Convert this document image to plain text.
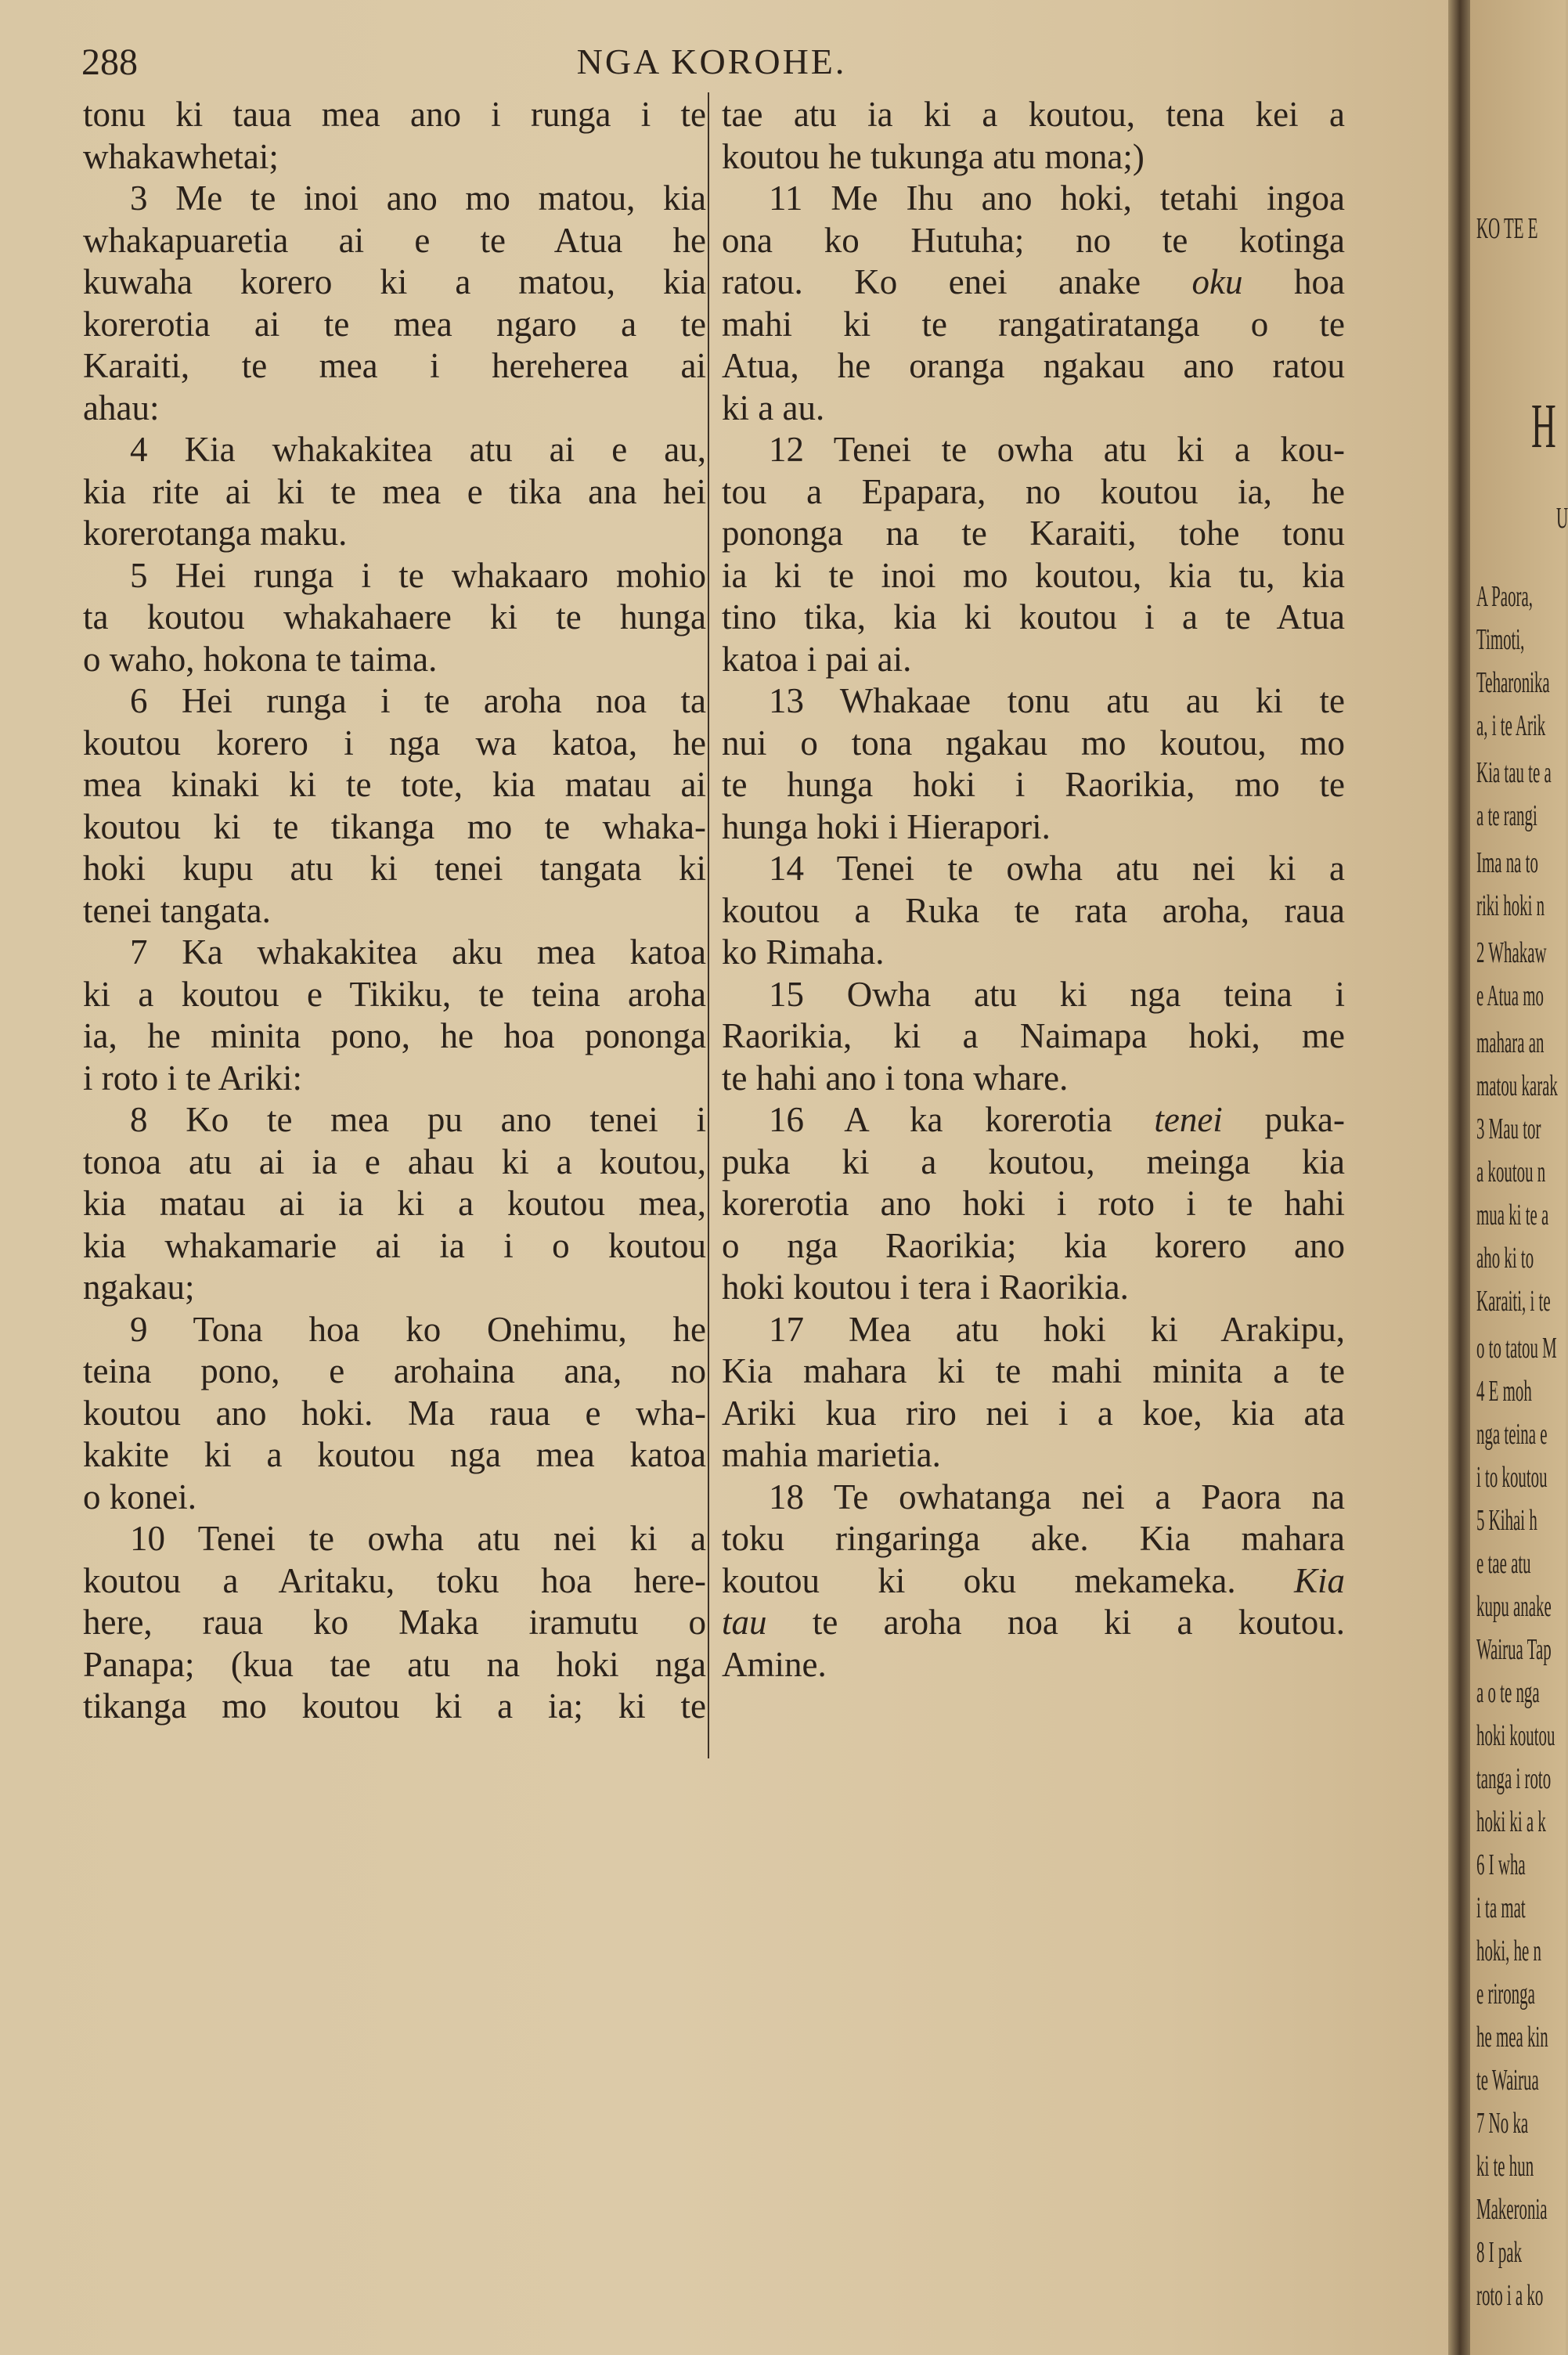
288	NGA KOROHE.
tonu ki taua mea ano i runga i te
whakawhetai;
3 Me te inoi ano mo matou, kia
whakapuaretia ai e te Atua he
kuwaha korero ki a matou, kia
korerotia ai te mea ngaro a te
Karaiti, te mea i hereherea ai
ahau:
4 Kia whakakitea atu ai e au,
kia rite ai ki te mea e tika ana hei
korerotanga maku.
5 Hei runga i te whakaaro mohio
ta koutou whakahaere ki te hunga
o waho, hokona te taima.
6 Hei runga i te aroha noa ta
koutou korero i nga wa katoa, he
mea kinaki ki te tote, kia matau ai
koutou ki te tikanga mo te whaka-
hoki kupu atu ki tenei tangata ki
tenei tangata.
7 Ka whakakitea aku mea katoa
ki a koutou e Tikiku, te teina aroha
ia, he minita pono, he hoa pononga
i roto i te Ariki:
8 Ko te mea pu ano tenei i
tonoa atu ai ia e ahau ki a koutou,
kia matau ai ia ki a koutou mea,
kia whakamarie ai ia i o koutou
ngakau;
9 Tona hoa ko Onehimu, he
teina pono, e arohaina ana, no
koutou ano hoki. Ma raua e wha-
kakite ki a koutou nga mea katoa
o konei.
10 Tenei te owha atu nei ki a
koutou a Aritaku, toku hoa here-
here, raua ko Maka iramutu o
Panapa; (kua tae atu na hoki nga
tikanga mo koutou ki a ia; ki te
tae atu ia ki a koutou, tena kei a
koutou he tukunga atu mona;)
11 Me Ihu ano hoki, tetahi ingoa
ona ko Hutuha; no te kotinga
ratou. Ko enei anake oku hoa
mahi ki te rangatiratanga o te
Atua, he oranga ngakau ano ratou
ki a au.
12 Tenei te owha atu ki a kou-
tou a Epapara, no koutou ia, he
pononga na te Karaiti, tohe tonu
ia ki te inoi mo koutou, kia tu, kia
tino tika, kia ki koutou i a te Atua
katoa i pai ai.
13 Whakaae tonu atu au ki te
nui o tona ngakau mo koutou, mo
te hunga hoki i Raorikia, mo te
hunga hoki i Hierapori.
14 Tenei te owha atu nei ki a
koutou a Ruka te rata aroha, raua
ko Rimaha.
15 Owha atu ki nga teina i
Raorikia, ki a Naimapa hoki, me
te hahi ano i tona whare.
16 A ka korerotia tenei puka-
puka ki a koutou, meinga kia
korerotia ano hoki i roto i te hahi
o nga Raorikia; kia korero ano
hoki koutou i tera i Raorikia.
17 Mea atu hoki ki Arakipu,
Kia mahara ki te mahi minita a te
Ariki kua riro nei i a koe, kia ata
mahia marietia.
18 Te owhatanga nei a Paora na
toku ringaringa ake. Kia mahara
koutou ki oku mekameka. Kia
tau te aroha noa ki a koutou.
Amine.
KO TE E
H
U
A Paora,
Timoti,
Teharonika
a, i te Arik
Kia tau te a
a te rangi
Ima na to
riki hoki n
2 Whakaw
e Atua mo
mahara an
matou karak
3 Mau tor
a koutou n
mua ki te a
aho ki to
Karaiti, i te
o to tatou M
4 E moh
nga teina e
i to koutou
5 Kihai h
e tae atu
kupu anake
Wairua Tap
a o te nga
hoki koutou
tanga i roto
hoki ki a k
6 I wha
i ta mat
hoki, he n
e rironga
he mea kin
te Wairua
7 No ka
ki te hun
Makeronia
8 I pak
roto i a ko
